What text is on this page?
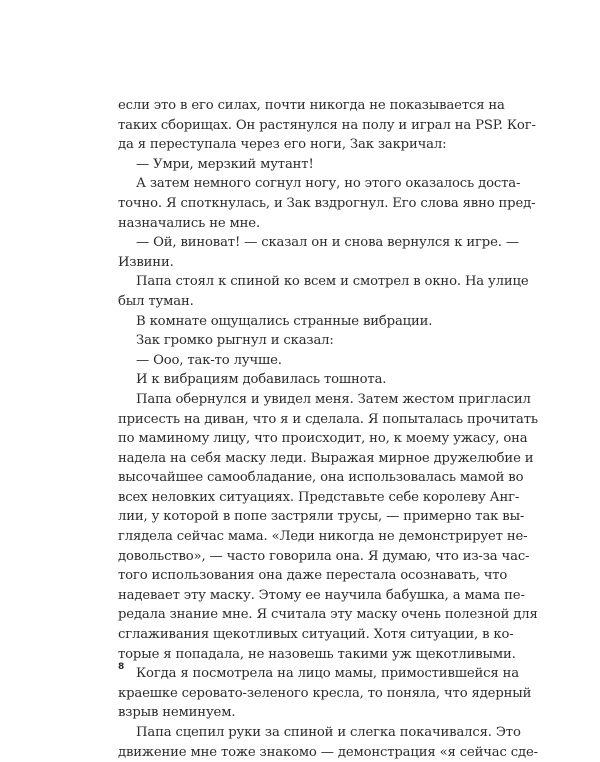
если это в его силах, почти никогда не показывается на
таких сборищах. Он растянулся на полу и играл на PSP. Ког-
да я переступала через его ноги, Зак закричал:
— Умри, мерзкий мутант!
А затем немного согнул ногу, но этого оказалось доста-
точно. Я споткнулась, и Зак вздрогнул. Его слова явно пред-
назначались не мне.
— Ой, виноват! — сказал он и снова вернулся к игре. —
Извини.
Папа стоял к спиной ко всем и смотрел в окно. На улице
был туман.
В комнате ощущались странные вибрации.
Зак громко рыгнул и сказал:
— Ооо, так-то лучше.
И к вибрациям добавилась тошнота.
Папа обернулся и увидел меня. Затем жестом пригласил
присесть на диван, что я и сделала. Я попыталась прочитать
по маминому лицу, что происходит, но, к моему ужасу, она
надела на себя маску леди. Выражая мирное дружелюбие и
высочайшее самообладание, она использовалась мамой во
всех неловких ситуациях. Представьте себе королеву Анг-
лии, у которой в попе застряли трусы, — примерно так вы-
глядела сейчас мама. «Леди никогда не демонстрирует не-
довольство», — часто говорила она. Я думаю, что из-за час-
того использования она даже перестала осознавать, что
надевает эту маску. Этому ее научила бабушка, а мама пе-
редала знание мне. Я считала эту маску очень полезной для
сглаживания щекотливых ситуаций. Хотя ситуации, в ко-
торые я попадала, не назовешь такими уж щекотливыми.
Когда я посмотрела на лицо мамы, примостившейся на
краешке серовато-зеленого кресла, то поняла, что ядерный
взрыв неминуем.
Папа сцепил руки за спиной и слегка покачивался. Это
движение мне тоже знакомо — демонстрация «я сейчас сде-
8
